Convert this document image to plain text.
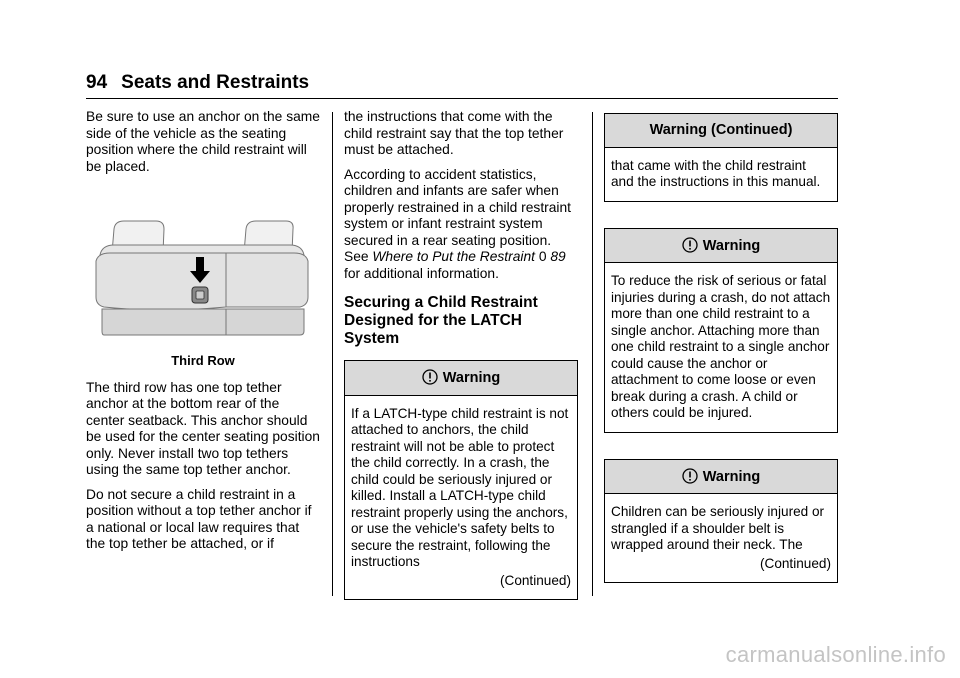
94 Seats and Restraints

Be sure to use an anchor on the same side of the vehicle as the seating position where the child restraint will be placed.

Third Row

The third row has one top tether anchor at the bottom rear of the center seatback. This anchor should be used for the center seating position only. Never install two top tethers using the same top tether anchor.

Do not secure a child restraint in a position without a top tether anchor if a national or local law requires that the top tether be attached, or if

the instructions that come with the child restraint say that the top tether must be attached.

According to accident statistics, children and infants are safer when properly restrained in a child restraint system or infant restraint system secured in a rear seating position. See Where to Put the Restraint 0 89 for additional information.

Securing a Child Restraint Designed for the LATCH System
Warning
If a LATCH-type child restraint is not attached to anchors, the child restraint will not be able to protect the child correctly. In a crash, the child could be seriously injured or killed. Install a LATCH-type child restraint properly using the anchors, or use the vehicle's safety belts to secure the restraint, following the instructions
(Continued)
Warning (Continued)
that came with the child restraint and the instructions in this manual.
Warning
To reduce the risk of serious or fatal injuries during a crash, do not attach more than one child restraint to a single anchor. Attaching more than one child restraint to a single anchor could cause the anchor or attachment to come loose or even break during a crash. A child or others could be injured.
Warning
Children can be seriously injured or strangled if a shoulder belt is wrapped around their neck. The
(Continued)
carmanualsonline.info
